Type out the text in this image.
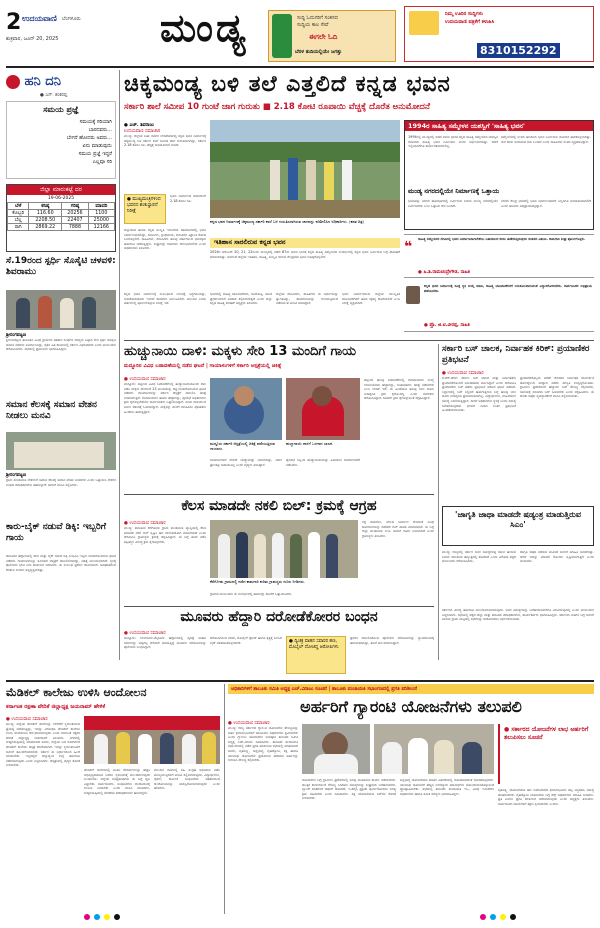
2 ಉದಯವಾಣಿ ಬೆಂಗಳೂರು
ಶುಕ್ರವಾರ, ಜೂನ್ 20, 2025	ಮಂಡ್ಯ	ಸುದ್ದಿ ಓದುಗರಿಗೆ ಸಂತಸದ
ಸುದ್ದಿಯ ಕಾಲ ಸೇವೆ
ಈಗಲೇ ಓದಿ
ಬೆರಳ ತುದಿಯಲ್ಲಿಯೇ ಜಗತ್ತು
ನಿಮ್ಮ ಊರಿನ ಸುದ್ದಿಗಳು
ಉದಯವಾಣಿ ಪತ್ರಿಕೆಗೆ ಕಳುಹಿಸಿ
8310152292
ಹನಿ ದನಿ
● ಎನ್. ಶಂಕರಪ್ಪ
ಸಮಯ ಪ್ರಜ್ಞೆ
ಸಮಯಕ್ಕೆ ಸರಿಯಾಗಿ
ಬಾರದವರು...
ಬೇಗನೆ ಹೋದರು ಅವರು...
ಏನು ಮಾಡುವುದು
ಸಮಯ ಪ್ರಜ್ಞೆ ಇದ್ದರೆ
ಎಲ್ಲವೂ ಸರಿ
ಜಿಲ್ಲಾ ಮಾರುಕಟ್ಟೆ ದರ
19-06-2025
ಬೆಳೆ	ಕನಿಷ್ಠ	ಗರಿಷ್ಠ	ಮಾದರಿ
ಕೊಬ್ಬರಿ	116.60	20256	1100
ಬೆಲ್ಲ	2208.50	22407	25000
ರಾಗಿ	2869.22	7888	12166
ಸೆ.19ರಂದ ಸ್ಪರ್ಧಿ ಸೊಸೈಟಿ ಚಳವಳಿ: ಶಿವರಾಮು
ಶ್ರೀರಂಗಪಟ್ಟಣ
ಶ್ರೀರಂಗಪಟ್ಟಣ ತಾಲೂಕಿನ ವಿವಿಧ ಗ್ರಾಮಗಳ ಸಹಕಾರ ಸಂಘಗಳ ಸದಸ್ಯರು ಒಟ್ಟಾಗಿ ಸೇರಿ ಸ್ಪರ್ಧಿ ಸೊಸೈಟಿ ಚಳವಳಿ ನಡೆಸಲು ತೀರ್ಮಾನಿಸಿದ್ದು, ರೈತರ ಹಿತ ಕಾಯುವಲ್ಲಿ ಸರ್ಕಾರ ವಿಫಲವಾಗಿದೆ ಎಂದು ಮುಖಂಡರು ಆರೋಪಿಸಿದರು. ಸಭೆಯಲ್ಲಿ ಪ್ರಮುಖರು ಭಾಗವಹಿಸಿದ್ದರು.
ಸಮಾನ ಕೆಲಸಕ್ಕೆ ಸಮಾನ ವೇತನ ನೀಡಲು ಮನವಿ
ಶ್ರೀರಂಗಪಟ್ಟಣ
ಗ್ರಾಮ ಪಂಚಾಯಿತಿ ನೌಕರರಿಗೆ ಸಮಾನ ಕೆಲಸಕ್ಕೆ ಸಮಾನ ವೇತನ ನೀಡಬೇಕು ಎಂದು ಒತ್ತಾಯಿಸಿ ನೌಕರರ ಸಂಘದ ಪದಾಧಿಕಾರಿಗಳು ತಹಶೀಲ್ದಾರ್ ಅವರಿಗೆ ಮನವಿ ಸಲ್ಲಿಸಿದರು.
ಕಾರು-ಬೈಕ್ ನಡುವೆ ಡಿಕ್ಕಿ: ಇಬ್ಬರಿಗೆ ಗಾಯ
ತಾಲೂಕಿನ ಹೆದ್ದಾರಿಯಲ್ಲಿ ಕಾರು ಮತ್ತು ಬೈಕ್ ನಡುವೆ ಡಿಕ್ಕಿ ಸಂಭವಿಸಿ ಇಬ್ಬರು ಗಾಯಗೊಂಡಿರುವ ಘಟನೆ ನಡೆದಿದೆ. ಗಾಯಾಳುಗಳನ್ನು ಸಮೀಪದ ಆಸ್ಪತ್ರೆಗೆ ದಾಖಲಿಸಲಾಗಿದ್ದು, ಚಿಕಿತ್ಸೆ ಮುಂದುವರಿದಿದೆ. ಸ್ಥಳಕ್ಕೆ ಪೊಲೀಸರು ಭೇಟಿ ನೀಡಿ ಪರಿಶೀಲನೆ ನಡೆಸಿದರು. ಈ ಸಂಬಂಧ ಪ್ರಕರಣ ದಾಖಲಾಗಿದೆ. ಅಪಘಾತದಿಂದ ಕೆಲಕಾಲ ಸಂಚಾರ ಅಸ್ತವ್ಯಸ್ತವಾಗಿತ್ತು.
ಚಿಕ್ಕಮಂಡ್ಯ ಬಳಿ ತಲೆ ಎತ್ತಲಿದೆ ಕನ್ನಡ ಭವನ
ಸರ್ಕಾರಿ ಶಾಲೆ ಸಮೀಪ 10 ಗುಂಟೆ ಜಾಗ ಗುರುತು ■ 2.18 ಕೋಟಿ ರೂಪಾಯಿ ವೆಚ್ಚಕ್ಕೆ ದೊರೆತ ಅನುಮೋದನೆ
● ಎಚ್. ಶಿವರಾಜು
ಉದಯವಾಣಿ ಸಮಾಚಾರ
ಮಂಡ್ಯ: ಜಿಲ್ಲೆಯ ಬಹು ದಿನಗಳ ಬೇಡಿಕೆಯಾಗಿದ್ದ ಕನ್ನಡ ಭವನ ನಿರ್ಮಾಣಕ್ಕೆ ಚಿಕ್ಕಮಂಡ್ಯ ಬಳಿ ಸರ್ಕಾರಿ ಶಾಲೆ ಸಮೀಪ ಜಾಗ ಗುರುತಿಸಲಾಗಿದ್ದು, ಸರ್ಕಾರ 2.18 ಕೋಟಿ ರೂ. ವೆಚ್ಚಕ್ಕೆ ಅನುಮೋದನೆ ನೀಡಿದೆ.
● ಮುಖ್ಯಮಂತ್ರಿಗಳಿಂದ ಭವನದ ಶಂಕುಸ್ಥಾಪನೆ ನಿರೀಕ್ಷೆ
ಭವನ ನಿರ್ಮಾಣದ ಕಾಮಗಾರಿಗೆ 2.18 ಕೋಟಿ ರೂ.
ಜಿಲ್ಲಾಡಳಿತ ಹಾಗೂ ಕನ್ನಡ ಸಂಸ್ಕೃತಿ ಇಲಾಖೆಯ ಸಹಯೋಗದಲ್ಲಿ ಭವನ ನಿರ್ಮಾಣವಾಗಲಿದ್ದು, ಸಭಾಂಗಣ, ಗ್ರಂಥಾಲಯ, ಕಲಾವಿದರ ವಿಶ್ರಾಂತಿ ಕೊಠಡಿ ಒಳಗೊಳ್ಳಲಿದೆ. ಸಾಹಿತಿಗಳು, ಕಲಾವಿದರು ಹಲವು ವರ್ಷಗಳಿಂದ ಭವನಕ್ಕಾಗಿ ಹೋರಾಟ ನಡೆಸುತ್ತಿದ್ದರು. ಶೀಘ್ರದಲ್ಲೇ ಕಾಮಗಾರಿ ಆರಂಭವಾಗಲಿದೆ ಎಂದು ಅಧಿಕಾರಿಗಳು ತಿಳಿಸಿದರು.
ಕನ್ನಡ ಭವನ ನಿರ್ಮಾಣಕ್ಕೆ ಚಿಕ್ಕಮಂಡ್ಯ ಸರ್ಕಾರಿ ಶಾಲೆ ಬಳಿ ಗುರುತಿಸಲಾಗಿರುವ ಜಾಗವನ್ನು ಪರಿಶೀಲಿಸಿದ ಅಧಿಕಾರಿಗಳು. (ಕಡತ ಚಿತ್ರ)
ಇತಿಹಾಸ ಸಾರಲಿರುವ ಕನ್ನಡ ಭವನ
2024ರ ಡಿಸೆಂಬರ್ 20, 21, 22ರಂದು ಮಂಡ್ಯದಲ್ಲಿ ನಡೆದ 87ನೇ ಅಖಿಲ ಭಾರತ ಕನ್ನಡ ಸಾಹಿತ್ಯ ಸಮ್ಮೇಳನದ ಸಂದರ್ಭದಲ್ಲಿ ಕನ್ನಡ ಭವನ ನಿರ್ಮಿಸುವ ಬಗ್ಗೆ ಘೋಷಣೆ ಮಾಡಲಾಗಿತ್ತು. ಅದರಂತೆ ಜಿಲ್ಲೆಯ ಇತಿಹಾಸ, ಸಾಹಿತ್ಯ, ಸಂಸ್ಕೃತಿ ಸಾರುವ ಕೇಂದ್ರವಾಗಿ ಭವನ ರೂಪುಗೊಳ್ಳಲಿದೆ.
ಕನ್ನಡ ಭವನ ನಿರ್ಮಾಣಕ್ಕೆ ಸಂಬಂಧಿಸಿದ ನೀಲನಕ್ಷೆ ಸಿದ್ಧಗೊಂಡಿದ್ದು, ಲೋಕೋಪಯೋಗಿ ಇಲಾಖೆ ಕಾಮಗಾರಿ ನಿರ್ವಹಿಸಲಿದೆ. ಮುಂದಿನ ಎರಡು ವರ್ಷಗಳಲ್ಲಿ ಪೂರ್ಣಗೊಳ್ಳುವ ನಿರೀಕ್ಷೆ ಇದೆ.
ಭವನದಲ್ಲಿ ಸಾಹಿತ್ಯ ಚಟುವಟಿಕೆಗಳು, ಕವಿಗೋಷ್ಠಿ, ನಾಟಕ ಪ್ರದರ್ಶನಗಳಿಗೆ ಅವಕಾಶ ಕಲ್ಪಿಸಲಾಗುತ್ತದೆ ಎಂದು ಜಿಲ್ಲಾ ಕನ್ನಡ ಸಾಹಿತ್ಯ ಪರಿಷತ್ ಅಧ್ಯಕ್ಷರು ತಿಳಿಸಿದರು.
ಜಿಲ್ಲೆಯ ಕಲಾವಿದರು, ಸಾಹಿತಿಗಳು ಈ ನಿರ್ಧಾರವನ್ನು ಸ್ವಾಗತಿಸಿದ್ದು, ಕಾಮಗಾರಿಯನ್ನು ಗುಣಮಟ್ಟದಿಂದ ನಡೆಸುವಂತೆ ಮನವಿ ಮಾಡಿದ್ದಾರೆ.
ಭವನ ನಿರ್ಮಾಣದಿಂದ ಜಿಲ್ಲೆಯ ಸಾಂಸ್ಕೃತಿಕ ಚಟುವಟಿಕೆಗಳಿಗೆ ಹೊಸ ಚೈತನ್ಯ ದೊರೆಯಲಿದೆ ಎಂಬ ನಿರೀಕ್ಷೆ ವ್ಯಕ್ತವಾಗಿದೆ.
1994ರ ಸಾಹಿತ್ಯ ಸಮ್ಮೇಳನ ಯಶಸ್ವಿಗೆ 'ಸಾಹಿತ್ಯ ಭವನ'
1994ರಲ್ಲಿ ಮಂಡ್ಯದಲ್ಲಿ ನಡೆದ ಅಖಿಲ ಭಾರತ ಕನ್ನಡ ಸಾಹಿತ್ಯ ಸಮ್ಮೇಳನದ ಯಶಸ್ಸಿನ ನೆನಪಿಗಾಗಿ ಸಾಹಿತ್ಯ ಭವನ ನಿರ್ಮಿಸಲು ಅಂದು ನಿರ್ಧರಿಸಲಾಗಿತ್ತು. ಆದರೆ ಇಲ್ಲಿಯವರೆಗೂ ಕಾರ್ಯಗತವಾಗಿರಲಿಲ್ಲ.
ಸಮ್ಮೇಳನದಲ್ಲಿ ಉಳಿದ ಹಣದಿಂದ ಭವನ ನಿರ್ಮಿಸುವ ಯೋಜನೆ ಹಾಕಿಕೊಳ್ಳಲಾಗಿತ್ತು. ಈಗ ಕನಸು ನನಸಾಗುವ ಕಾಲ ಬಂದಿದೆ ಎಂದು ಸಾಹಿತಿಗಳು ಸಂತಸ ವ್ಯಕ್ತಪಡಿಸಿದ್ದಾರೆ.
ಮಂಡ್ಯ ನಗರದಲ್ಲಿಯೇ ನಿರ್ಮಾಣಕ್ಕೆ ಒತ್ತಾಯ
ಭವನವನ್ನು ನಗರದ ಹೊರಭಾಗದಲ್ಲಿ ನಿರ್ಮಿಸುವ ಬದಲು ಮಂಡ್ಯ ನಗರದಲ್ಲಿಯೇ ನಿರ್ಮಿಸಬೇಕು ಎಂಬ ಒತ್ತಾಯ ಕೇಳಿ ಬಂದಿದೆ.
ನಗರದ ಕೇಂದ್ರ ಭಾಗದಲ್ಲಿ ಭವನ ನಿರ್ಮಾಣವಾದರೆ ಎಲ್ಲರಿಗೂ ಅನುಕೂಲವಾಗಲಿದೆ ಎಂದು ಹಲವರು ಅಭಿಪ್ರಾಯಪಟ್ಟಿದ್ದಾರೆ.
❝ ಸಾಹಿತ್ಯ ಸಮ್ಮೇಳನದ ನೆನಪಿನಲ್ಲಿ ಭವನ ನಿರ್ಮಾಣವಾಗಬೇಕೆಂಬ ಬಹುಕಾಲದ ಕನಸು ಈಡೇರುತ್ತಿರುವುದು ಸಂತಸದ ವಿಷಯ. ಕಾಮಗಾರಿ ಶೀಘ್ರ ಪೂರ್ಣಗೊಳ್ಳಲಿ.
● ಹಿ.ಶಿ.ರಾಮಚಂದ್ರೇಗೌಡ, ಸಾಹಿತಿ
ಕನ್ನಡ ಭವನ ನಿರ್ಮಾಣಕ್ಕೆ ಸೂಕ್ತ ಸ್ಥಳ ಆಯ್ಕೆ ಮಾಡಿ, ಸಾಹಿತ್ಯ ಚಟುವಟಿಕೆಗಳಿಗೆ ಅನುಕೂಲವಾಗುವಂತೆ ವಿನ್ಯಾಸಗೊಳಿಸಬೇಕು. ಸಾರ್ವಜನಿಕರ ಅಭಿಪ್ರಾಯ ಪಡೆಯಬೇಕು.
● ಪ್ರೊ. ಜಿ.ಟಿ.ವೀರಪ್ಪ, ಸಾಹಿತಿ
ಹುಚ್ಚುನಾಯಿ ದಾಳಿ: ಮಕ್ಕಳು ಸೇರಿ 13 ಮಂದಿಗೆ ಗಾಯ
ಮದ್ದೂರಿನ ವಿವಿಧ ಬಡಾವಣೆಯಲ್ಲಿ ನಡೆದ ಘಟನೆ | ಗಾಯಾಳುಗಳಿಗೆ ಸರ್ಕಾರಿ ಆಸ್ಪತ್ರೆಯಲ್ಲಿ ಚಿಕಿತ್ಸೆ
● ಉದಯವಾಣಿ ಸಮಾಚಾರ
ಮದ್ದೂರು: ಪಟ್ಟಣದ ವಿವಿಧ ಬಡಾವಣೆಗಳಲ್ಲಿ ಹುಚ್ಚುನಾಯಿಯೊಂದು ದಾಳಿ ನಡೆಸಿ ಮಕ್ಕಳು ಸೇರಿದಂತೆ 13 ಮಂದಿಯನ್ನು ಕಚ್ಚಿ ಗಾಯಗೊಳಿಸಿರುವ ಘಟನೆ ನಡೆದಿದೆ. ಗಾಯಾಳುಗಳನ್ನು ಸರ್ಕಾರಿ ಆಸ್ಪತ್ರೆಗೆ ದಾಖಲಿಸಿ ಚಿಕಿತ್ಸೆ ನೀಡಲಾಗುತ್ತಿದೆ. ಬೀದಿನಾಯಿಗಳ ಹಾವಳಿ ಹೆಚ್ಚಾಗಿದ್ದು, ಪುರಸಭೆ ಅಧಿಕಾರಿಗಳು ಕ್ರಮ ಕೈಗೊಳ್ಳಬೇಕೆಂದು ಸಾರ್ವಜನಿಕರು ಒತ್ತಾಯಿಸಿದ್ದಾರೆ. ನಾಯಿ ದಾಳಿಯಿಂದ ಜನರು ಆತಂಕಕ್ಕೆ ಒಳಗಾಗಿದ್ದಾರೆ. ಮಕ್ಕಳನ್ನು ಶಾಲೆಗೆ ಕಳುಹಿಸಲು ಪೋಷಕರು ಹಿಂದೇಟು ಹಾಕುತ್ತಿದ್ದಾರೆ.
ಮದ್ದೂರು ಸರ್ಕಾರಿ ಆಸ್ಪತ್ರೆಯಲ್ಲಿ ಚಿಕಿತ್ಸೆ ಪಡೆಯುತ್ತಿರುವ ಗಾಯಾಳು.
ಹುಚ್ಚುನಾಯಿ ದಾಳಿಗೆ ಒಳಗಾದ ಬಾಲಕ.
ಗಾಯಾಳುಗಳಿಗೆ ರೇಬಿಸ್ ಚುಚ್ಚುಮದ್ದು ನೀಡಲಾಗಿದ್ದು, ಯಾರ ಪ್ರಾಣಕ್ಕೂ ಅಪಾಯವಿಲ್ಲ ಎಂದು ವೈದ್ಯರು ತಿಳಿಸಿದ್ದಾರೆ.
ಪುರಸಭೆ ಸಿಬ್ಬಂದಿ ಹುಚ್ಚುನಾಯಿಯನ್ನು ಹಿಡಿಯಲು ಕಾರ್ಯಾಚರಣೆ ನಡೆಸಿದರು.
ಪಟ್ಟಣದ ಹಲವು ಬಡಾವಣೆಗಳಲ್ಲಿ ಬೀದಿನಾಯಿಗಳ ಸಂಖ್ಯೆ ಗಣನೀಯವಾಗಿ ಹೆಚ್ಚಾಗಿದ್ದು, ಸಂತಾನಹರಣ ಚಿಕಿತ್ಸೆ ನಡೆಸಬೇಕು ಎಂಬ ಬೇಡಿಕೆ ಇದೆ. ಈ ಹಿಂದೆಯೂ ಹಲವು ಬಾರಿ ದೂರು ನೀಡಿದ್ದರೂ ಕ್ರಮ ಕೈಗೊಂಡಿಲ್ಲ ಎಂದು ನಾಗರಿಕರು ಆರೋಪಿಸಿದ್ದಾರೆ. ಕೂಡಲೇ ಕ್ರಮ ಕೈಗೊಳ್ಳುವಂತೆ ಆಗ್ರಹಿಸಿದ್ದಾರೆ.
ಸರ್ಕಾರಿ ಬಸ್ ಚಾಲಕ, ನಿರ್ವಾಹಕ ಕಿರಿಕ್: ಪ್ರಯಾಣಿಕರ ಪ್ರತಿಭಟನೆ
● ಉದಯವಾಣಿ ಸಮಾಚಾರ
ಕೆ.ಆರ್.ಪೇಟೆ: ಸರ್ಕಾರಿ ಬಸ್ ಚಾಲಕ ಮತ್ತು ನಿರ್ವಾಹಕರು ಪ್ರಯಾಣಿಕರೊಂದಿಗೆ ಅನುಚಿತವಾಗಿ ವರ್ತಿಸಿದ್ದಾರೆ ಎಂದು ಆರೋಪಿಸಿ ಪ್ರಯಾಣಿಕರು ಬಸ್ ತಡೆದು ಪ್ರತಿಭಟನೆ ನಡೆಸಿದ ಘಟನೆ ನಡೆದಿದೆ. ನಿಲ್ದಾಣದಲ್ಲಿ ಬಸ್ ನಿಲ್ಲಿಸದೆ ಹೋಗುತ್ತಿರುವ ಬಗ್ಗೆ ಹಲವು ಬಾರಿ ದೂರು ನೀಡಿದ್ದರೂ ಪ್ರಯೋಜನವಾಗಿಲ್ಲ. ವಿದ್ಯಾರ್ಥಿಗಳು, ಮಹಿಳೆಯರು ಸಮಸ್ಯೆ ಎದುರಿಸುತ್ತಿದ್ದಾರೆ. ಸಾರಿಗೆ ಅಧಿಕಾರಿಗಳು ಸ್ಥಳಕ್ಕೆ ಬಂದು ಸಮಸ್ಯೆ ಬಗೆಹರಿಸುವುದಾಗಿ ಭರವಸೆ ನೀಡಿದ ನಂತರ ಪ್ರತಿಭಟನೆ ಹಿಂಪಡೆಯಲಾಯಿತು.
ಪ್ರಯಾಣಿಕರೊಬ್ಬರು ಟಿಕೆಟ್ ಕೇಳಿದಾಗ ನಿರ್ವಾಹಕ ದುರ್ವರ್ತನೆ ತೋರಿದ್ದರಿಂದ ವಾಗ್ವಾದ ನಡೆದು ಪರಿಸ್ಥಿತಿ ಉದ್ವಿಗ್ನಗೊಂಡಿತು. ಗ್ರಾಮೀಣ ಪ್ರದೇಶಗಳಿಗೆ ಹೆಚ್ಚುವರಿ ಬಸ್ ಸೌಲಭ್ಯ ಕಲ್ಪಿಸಬೇಕು, ಸಮಯಕ್ಕೆ ಸರಿಯಾಗಿ ಬಸ್ ಓಡಿಸಬೇಕು ಎಂದು ಆಗ್ರಹಿಸಿದರು. ಈ ಕುರಿತು ಡಿಪೋ ವ್ಯವಸ್ಥಾಪಕರಿಗೆ ಮನವಿ ಸಲ್ಲಿಸಲಾಯಿತು.
ಕೆಲಸ ಮಾಡದೇ ನಕಲಿ ಬಿಲ್: ಕ್ರಮಕ್ಕೆ ಆಗ್ರಹ
● ಉದಯವಾಣಿ ಸಮಾಚಾರ
ಮಂಡ್ಯ: ತಾಲೂಕಿನ ಕೆರೆಗೋಡು ಗ್ರಾಮ ಪಂಚಾಯಿತಿ ವ್ಯಾಪ್ತಿಯಲ್ಲಿ ಕೆಲಸ ಮಾಡದೇ ನಕಲಿ ಬಿಲ್ ಸೃಷ್ಟಿಸಿ ಹಣ ದುರುಪಯೋಗ ಮಾಡಲಾಗಿದೆ ಎಂದು ಆರೋಪಿಸಿ ಗ್ರಾಮಸ್ಥರು ಕ್ರಮಕ್ಕೆ ಆಗ್ರಹಿಸಿದ್ದಾರೆ. ಈ ಬಗ್ಗೆ ತನಿಖೆ ನಡೆಸಿ ತಪ್ಪಿತಸ್ಥರ ವಿರುದ್ಧ ಕ್ರಮ ಕೈಗೊಳ್ಳಬೇಕು.
ಕೆರೆಗೋಡು ಗ್ರಾಮದಲ್ಲಿ ನಡೆದ ಕಾಮಗಾರಿ ಕುರಿತು ಗ್ರಾಮಸ್ಥರು ದೂರು ನೀಡಿದರು.
ರಸ್ತೆ ಕಾಮಗಾರಿ, ಚರಂಡಿ ನಿರ್ಮಾಣ ಸೇರಿದಂತೆ ವಿವಿಧ ಕಾಮಗಾರಿಗಳನ್ನು ನಡೆಸದೇ ಬಿಲ್ ಪಾವತಿ ಮಾಡಲಾಗಿದೆ. ಈ ಬಗ್ಗೆ ಜಿಲ್ಲಾ ಪಂಚಾಯಿತಿ ಸಿಇಒ ಅವರಿಗೆ ದೂರು ನೀಡಲಾಗಿದೆ ಎಂದು ಗ್ರಾಮಸ್ಥರು ತಿಳಿಸಿದರು.
ಗ್ರಾಮದ ಮುಖಂಡರು ಈ ಸಂದರ್ಭದಲ್ಲಿ ಹಾಜರಿದ್ದು ತನಿಖೆಗೆ ಒತ್ತಾಯಿಸಿದರು.
'ಜಾಗೃತಿ ಜಾಥಾ ಮಾಡದೇ ಷಡ್ಯಂತ್ರ ಮಾಡುತ್ತಿರುವ ಸಿಎಂ'
ಮಂಡ್ಯ: ರಾಜ್ಯದಲ್ಲಿ ಸರ್ಕಾರ ಜನರ ಸಮಸ್ಯೆಗಳತ್ತ ಗಮನ ಹರಿಸುವ ಬದಲು ರಾಜಕೀಯ ಷಡ್ಯಂತ್ರದಲ್ಲಿ ತೊಡಗಿದೆ ಎಂದು ವಿರೋಧ ಪಕ್ಷದ ಮುಖಂಡರು ಆರೋಪಿಸಿದರು.
ಜಾಗೃತಿ ಜಾಥಾ ನಡೆಸುವ ಮೂಲಕ ಜನರಿಗೆ ಮಾಹಿತಿ ನೀಡಬೇಕಿತ್ತು. ಆದರೆ ಅದನ್ನು ಮಾಡದೆ ಗೊಂದಲ ಸೃಷ್ಟಿಸಲಾಗುತ್ತಿದೆ ಎಂದು ಟೀಕಿಸಿದರು.
ಮೂವರು ಹೆದ್ದಾರಿ ದರೋಡೆಕೋರರ ಬಂಧನ
● ಉದಯವಾಣಿ ಸಮಾಚಾರ
ಮದ್ದೂರು: ಬೆಂಗಳೂರು-ಮೈಸೂರು ಹೆದ್ದಾರಿಯಲ್ಲಿ ದ್ವಿಚಕ್ರ ವಾಹನ ಸವಾರರನ್ನು ಅಡ್ಡಗಟ್ಟಿ ದರೋಡೆ ಮಾಡುತ್ತಿದ್ದ ಮೂವರು ಆರೋಪಿಗಳನ್ನು ಪೊಲೀಸರು ಬಂಧಿಸಿದ್ದಾರೆ.
ಆರೋಪಿಗಳಿಂದ ನಗದು, ಮೊಬೈಲ್ ಫೋನ್ ಹಾಗೂ ಕೃತ್ಯಕ್ಕೆ ಬಳಸಿದ ಬೈಕ್ ವಶಪಡಿಸಿಕೊಳ್ಳಲಾಗಿದೆ.	● ದ್ವಿಚಕ್ರ ವಾಹನ ಸವಾರರ ಹಣ, ಮೊಬೈಲ್ ದೋಚಿದ್ದ ಆರೋಪಿಗಳು
ಪ್ರಕರಣ ದಾಖಲಿಸಿಕೊಂಡ ಪೊಲೀಸರು ಆರೋಪಿಗಳನ್ನು ನ್ಯಾಯಾಲಯಕ್ಕೆ ಹಾಜರುಪಡಿಸಿದ್ದು, ತನಿಖೆ ಮುಂದುವರಿಸಿದ್ದಾರೆ.
ಸರ್ಕಾರದ ವಿರುದ್ಧ ಹೋರಾಟ ಮುಂದುವರಿಸಲಾಗುವುದು. ಜನರ ಸಮಸ್ಯೆಗಳನ್ನು ಬಗೆಹರಿಸುವವರೆಗೂ ವಿರಮಿಸುವುದಿಲ್ಲ ಎಂದು ಮುಖಂಡರು ಎಚ್ಚರಿಸಿದರು. ಸಭೆಯಲ್ಲಿ ಪಕ್ಷದ ಜಿಲ್ಲಾ ಮತ್ತು ತಾಲೂಕು ಪದಾಧಿಕಾರಿಗಳು, ಕಾರ್ಯಕರ್ತರು ಭಾಗವಹಿಸಿದ್ದರು. ಸರ್ಕಾರದ ನೀತಿಗಳ ಬಗ್ಗೆ ಜನರಿಗೆ ತಿಳಿಸಲು ಗ್ರಾಮ ಮಟ್ಟದಲ್ಲಿ ಸಭೆಗಳನ್ನು ಆಯೋಜಿಸಲು ನಿರ್ಧರಿಸಲಾಯಿತು.
ಮೆಡಿಕಲ್ ಕಾಲೇಜು ಉಳಿಸಿ ಆಂದೋಲನ
ಕರ್ನಾಟಕ ರಕ್ಷಣಾ ವೇದಿಕೆ ಜಿಲ್ಲಾಧ್ಯಕ್ಷ ಜಯರಾಮ್ ಹೇಳಿಕೆ
● ಉದಯವಾಣಿ ಸಮಾಚಾರ
ಮಂಡ್ಯ: ಜಿಲ್ಲೆಯ ಮೆಡಿಕಲ್ ಕಾಲೇಜನ್ನು ಬೇರೆಡೆಗೆ ಸ್ಥಳಾಂತರಿಸುವ ಪ್ರಯತ್ನ ನಡೆಯುತ್ತಿದ್ದು, ಇದನ್ನು ವಿರೋಧಿಸಿ ಮೆಡಿಕಲ್ ಕಾಲೇಜು ಉಳಿಸಿ ಆಂದೋಲನ ಆರಂಭಿಸಲಾಗುವುದು ಎಂದು ಕರ್ನಾಟಕ ರಕ್ಷಣಾ ವೇದಿಕೆ ಜಿಲ್ಲಾಧ್ಯಕ್ಷ ಜಯರಾಮ್ ತಿಳಿಸಿದರು. ನಗರದಲ್ಲಿ ಸುದ್ದಿಗೋಷ್ಠಿಯಲ್ಲಿ ಮಾತನಾಡಿದ ಅವರು, ಜಿಲ್ಲೆಯ ಬಡ ರೋಗಿಗಳಿಗೆ ಮೆಡಿಕಲ್ ಕಾಲೇಜು ಆಸ್ಪತ್ರೆ ಆಸರೆಯಾಗಿದೆ. ಇದನ್ನು ಸ್ಥಳಾಂತರಿಸಿದರೆ ಜನರಿಗೆ ತೊಂದರೆಯಾಗಲಿದೆ. ಸರ್ಕಾರ ಈ ನಿರ್ಧಾರದಿಂದ ಹಿಂದೆ ಸರಿಯಬೇಕು. ಇಲ್ಲದಿದ್ದರೆ ಜಿಲ್ಲಾದ್ಯಂತ ಉಗ್ರ ಹೋರಾಟ ನಡೆಸಲಾಗುವುದು ಎಂದು ಎಚ್ಚರಿಸಿದರು. ಆಸ್ಪತ್ರೆಯಲ್ಲಿ ವೈದ್ಯರ ಕೊರತೆ ನೀಗಿಸಬೇಕು.
ಮೆಡಿಕಲ್ ಕಾಲೇಜಿನಲ್ಲಿ ಮೂಲ ಸೌಕರ್ಯಗಳನ್ನು ಹೆಚ್ಚಿಸಿ ಅಭಿವೃದ್ಧಿಪಡಿಸುವ ಬದಲು ಸ್ಥಳಾಂತರಕ್ಕೆ ಮುಂದಾಗಿರುವುದು ಖಂಡನೀಯ. ಜಿಲ್ಲೆಯ ಜನಪ್ರತಿನಿಧಿಗಳು ಈ ಬಗ್ಗೆ ಧ್ವನಿ ಎತ್ತಬೇಕು. ಸಾರ್ವಜನಿಕರು, ಸಂಘಟನೆಗಳು ಆಂದೋಲನಕ್ಕೆ ಬೆಂಬಲ ನೀಡಬೇಕು ಎಂದು ಮನವಿ ಮಾಡಿದರು. ಸುದ್ದಿಗೋಷ್ಠಿಯಲ್ಲಿ ವೇದಿಕೆಯ ಪದಾಧಿಕಾರಿಗಳು ಹಾಜರಿದ್ದರು.
ಮುಂದಿನ ದಿನಗಳಲ್ಲಿ ಸಹಿ ಸಂಗ್ರಹ ಅಭಿಯಾನ ನಡೆಸಿ ಮುಖ್ಯಮಂತ್ರಿಗಳಿಗೆ ಮನವಿ ಸಲ್ಲಿಸಲಾಗುವುದು. ವಿದ್ಯಾರ್ಥಿಗಳು, ರೈತರು, ಕಾರ್ಮಿಕ ಸಂಘಟನೆಗಳ ಸಹಕಾರದಿಂದ ಆಂದೋಲನವನ್ನು ಯಶಸ್ವಿಗೊಳಿಸಲಾಗುವುದು ಎಂದು ಹೇಳಿದರು.
ಅಧಿಕಾರಿಗಳಿಗೆ ತಾಲೂಕು ಸಮಿತಿ ಅಧ್ಯಕ್ಷ ಎಚ್.ವಿರಾಜು ಸೂಚನೆ | ತಾಲೂಕು ಪಂಚಾಯಿತಿ ಸಭಾಂಗಣದಲ್ಲಿ ಪ್ರಗತಿ ಪರಿಶೀಲನೆ
ಅರ್ಹರಿಗೆ ಗ್ಯಾರಂಟಿ ಯೋಜನೆಗಳು ತಲುಪಲಿ
● ಉದಯವಾಣಿ ಸಮಾಚಾರ
ಮಂಡ್ಯ: ರಾಜ್ಯ ಸರ್ಕಾರದ ಗ್ಯಾರಂಟಿ ಯೋಜನೆಗಳ ಸೌಲಭ್ಯವನ್ನು ಅರ್ಹ ಫಲಾನುಭವಿಗಳಿಗೆ ತಲುಪಿಸಲು ಅಧಿಕಾರಿಗಳು ಶ್ರಮಿಸಬೇಕು ಎಂದು ಗ್ಯಾರಂಟಿ ಯೋಜನೆಗಳ ಅನುಷ್ಠಾನ ತಾಲೂಕು ಸಮಿತಿ ಅಧ್ಯಕ್ಷ ಎಚ್.ವಿರಾಜು ಸೂಚಿಸಿದರು. ತಾಲೂಕು ಪಂಚಾಯಿತಿ ಸಭಾಂಗಣದಲ್ಲಿ ನಡೆದ ಪ್ರಗತಿ ಪರಿಶೀಲನಾ ಸಭೆಯಲ್ಲಿ ಮಾತನಾಡಿದ ಅವರು, ಗೃಹಲಕ್ಷ್ಮಿ, ಅನ್ನಭಾಗ್ಯ, ಗೃಹಜ್ಯೋತಿ, ಶಕ್ತಿ ಹಾಗೂ ಯುವನಿಧಿ ಯೋಜನೆಗಳ ಪ್ರಯೋಜನ ಪಡೆಯದ ಅರ್ಹರನ್ನು ಗುರುತಿಸಿ ಸೌಲಭ್ಯ ಕಲ್ಪಿಸಬೇಕು.
ಯೋಜನೆಗಳ ಬಗ್ಗೆ ಗ್ರಾಮೀಣ ಪ್ರದೇಶಗಳಲ್ಲಿ ಅರಿವು ಮೂಡಿಸುವ ಕಾರ್ಯ ನಡೆಯಬೇಕು. ತಾಂತ್ರಿಕ ಕಾರಣಗಳಿಂದ ಸೌಲಭ್ಯ ಸಿಗದವರ ಸಮಸ್ಯೆಗಳನ್ನು ಶೀಘ್ರವಾಗಿ ಬಗೆಹರಿಸಬೇಕು. ಬ್ಯಾಂಕ್ ಖಾತೆಗಳಿಗೆ ಆಧಾರ್ ಜೋಡಣೆ, ಇ-ಕೆವೈಸಿ ಪ್ರಕ್ರಿಯೆ ಪೂರ್ಣಗೊಳಿಸಲು ಅಗತ್ಯ ಕ್ರಮ ವಹಿಸಬೇಕು ಎಂದು ಸೂಚಿಸಿದರು. ಶಕ್ತಿ ಯೋಜನೆಯಡಿ ಬಸ್‌ಗಳ ಕೊರತೆ ನೀಗಿಸಬೇಕು.
ಅನ್ನಭಾಗ್ಯ ಯೋಜನೆಯಡಿ ಪಡಿತರ ವಿತರಣೆಯಲ್ಲಿ ಲೋಪವಾಗದಂತೆ ನೋಡಿಕೊಳ್ಳಬೇಕು. ಯುವನಿಧಿ ಯೋಜನೆಗೆ ಹೆಚ್ಚಿನ ನಿರುದ್ಯೋಗಿ ಪದವೀಧರರು ನೋಂದಾಯಿಸಿಕೊಳ್ಳುವಂತೆ ಪ್ರೋತ್ಸಾಹಿಸಬೇಕು. ಸಭೆಯಲ್ಲಿ ತಾಲೂಕು ಪಂಚಾಯಿತಿ ಇಒ, ವಿವಿಧ ಇಲಾಖೆಗಳ ಅಧಿಕಾರಿಗಳು ಹಾಗೂ ಸಮಿತಿ ಸದಸ್ಯರು ಭಾಗವಹಿಸಿದ್ದರು.
● ಸರ್ಕಾರದ ಯೋಜನೆಗಳ ಲಾಭ ಅರ್ಹರಿಗೆ ತಲುಪಿಸಲು ಸೂಚನೆ
ಗೃಹಲಕ್ಷ್ಮಿ ಯೋಜನೆಯಡಿ ಹಣ ಜಮೆಯಾಗದ ಫಲಾನುಭವಿಗಳ ಪಟ್ಟಿ ಸಿದ್ಧಪಡಿಸಿ ಸಮಸ್ಯೆ ಪರಿಹರಿಸಬೇಕು. ಗೃಹಜ್ಯೋತಿ ಯೋಜನೆಯ ಬಗ್ಗೆ ಸೆಸ್ಕ್ ಅಧಿಕಾರಿಗಳು ಮಾಹಿತಿ ನೀಡಿದರು. ಪ್ರತಿ ತಿಂಗಳು ಪ್ರಗತಿ ಪರಿಶೀಲನೆ ನಡೆಸಲಾಗುವುದು ಎಂದು ಅಧ್ಯಕ್ಷರು ತಿಳಿಸಿದರು. ಸಾರ್ವಜನಿಕರ ದೂರುಗಳಿಗೆ ತಕ್ಷಣ ಸ್ಪಂದಿಸಬೇಕು ಎಂದರು.
